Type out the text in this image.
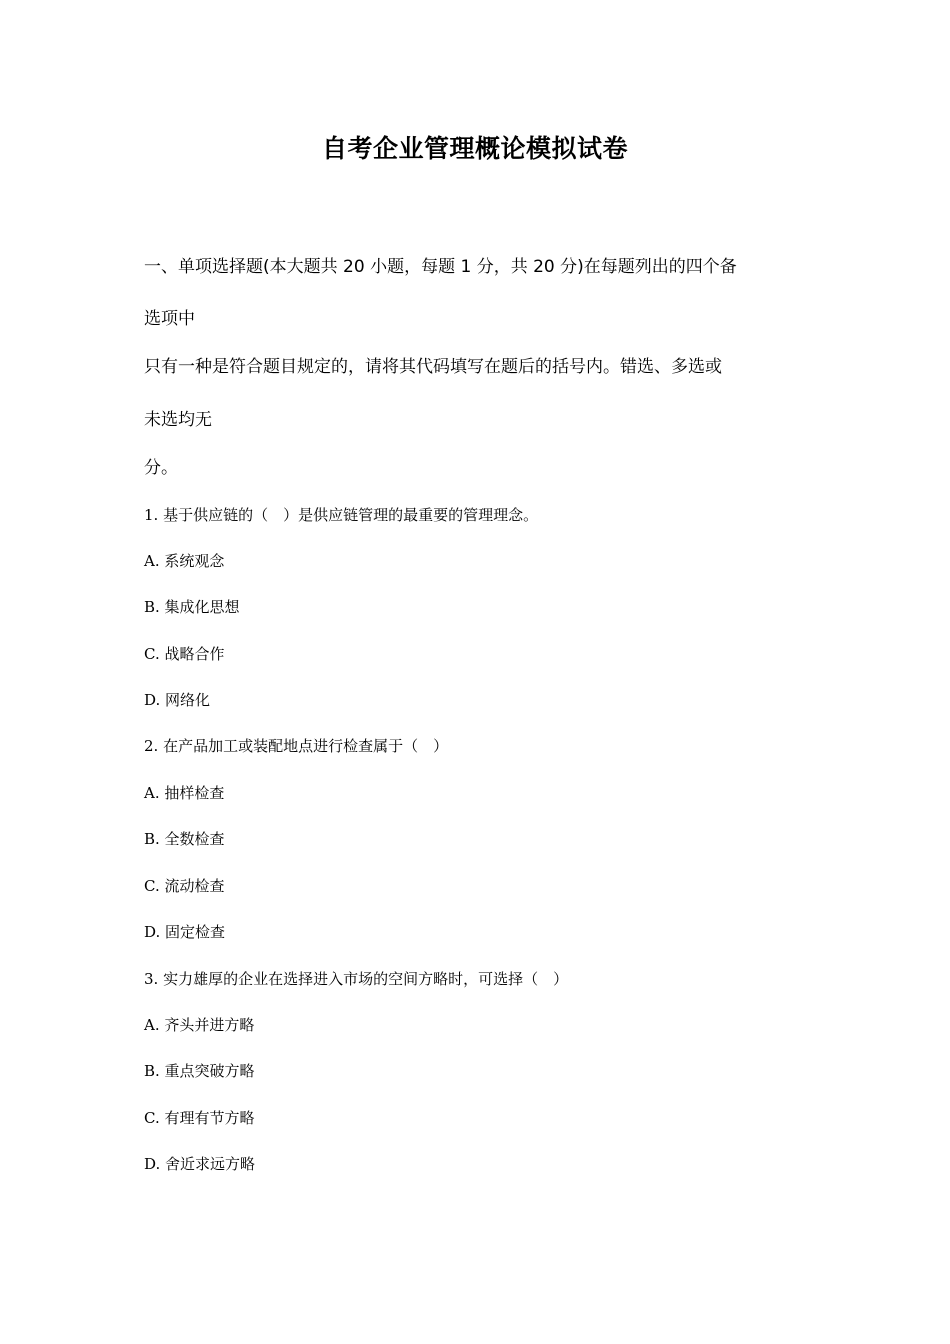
自考企业管理概论模拟试卷
一、单项选择题(本大题共 20 小题，每题 1 分，共 20 分)在每题列出的四个备
选项中
只有一种是符合题目规定的，请将其代码填写在题后的括号内。错选、多选或
未选均无
分。
1. 基于供应链的（　）是供应链管理的最重要的管理理念。
A. 系统观念
B. 集成化思想
C. 战略合作
D. 网络化
2. 在产品加工或装配地点进行检查属于（　）
A. 抽样检查
B. 全数检查
C. 流动检查
D. 固定检查
3. 实力雄厚的企业在选择进入市场的空间方略时，可选择（　）
A. 齐头并进方略
B. 重点突破方略
C. 有理有节方略
D. 舍近求远方略
